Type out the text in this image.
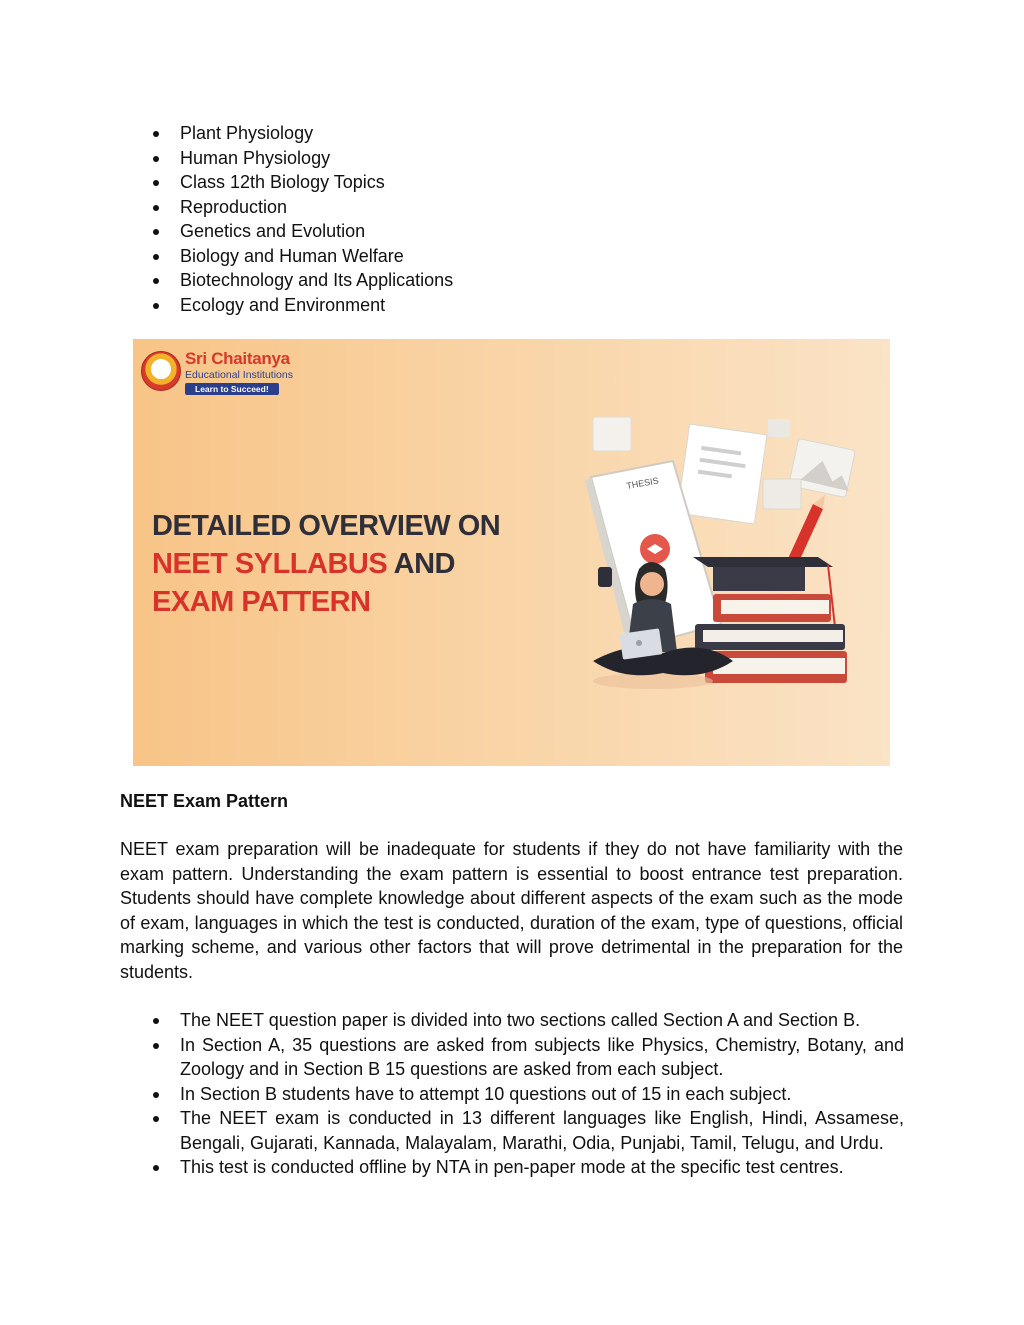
Plant Physiology
Human Physiology
Class 12th Biology Topics
Reproduction
Genetics and Evolution
Biology and Human Welfare
Biotechnology and Its Applications
Ecology and Environment
Sri Chaitanya
Educational Institutions
Learn to Succeed!
DETAILED OVERVIEW ON
NEET SYLLABUS AND
EXAM PATTERN
THESIS
NEET Exam Pattern

NEET exam preparation will be inadequate for students if they do not have familiarity with the exam pattern. Understanding the exam pattern is essential to boost entrance test preparation. Students should have complete knowledge about different aspects of the exam such as the mode of exam, languages in which the test is conducted, duration of the exam, type of questions, official marking scheme, and various other factors that will prove detrimental in the preparation for the students.

The NEET question paper is divided into two sections called Section A and Section B.
In Section A, 35 questions are asked from subjects like Physics, Chemistry, Botany, and Zoology and in Section B 15 questions are asked from each subject.
In Section B students have to attempt 10 questions out of 15 in each subject.
The NEET exam is conducted in 13 different languages like English, Hindi, Assamese, Bengali, Gujarati, Kannada, Malayalam, Marathi, Odia, Punjabi, Tamil, Telugu, and Urdu.
This test is conducted offline by NTA in pen-paper mode at the specific test centres.
